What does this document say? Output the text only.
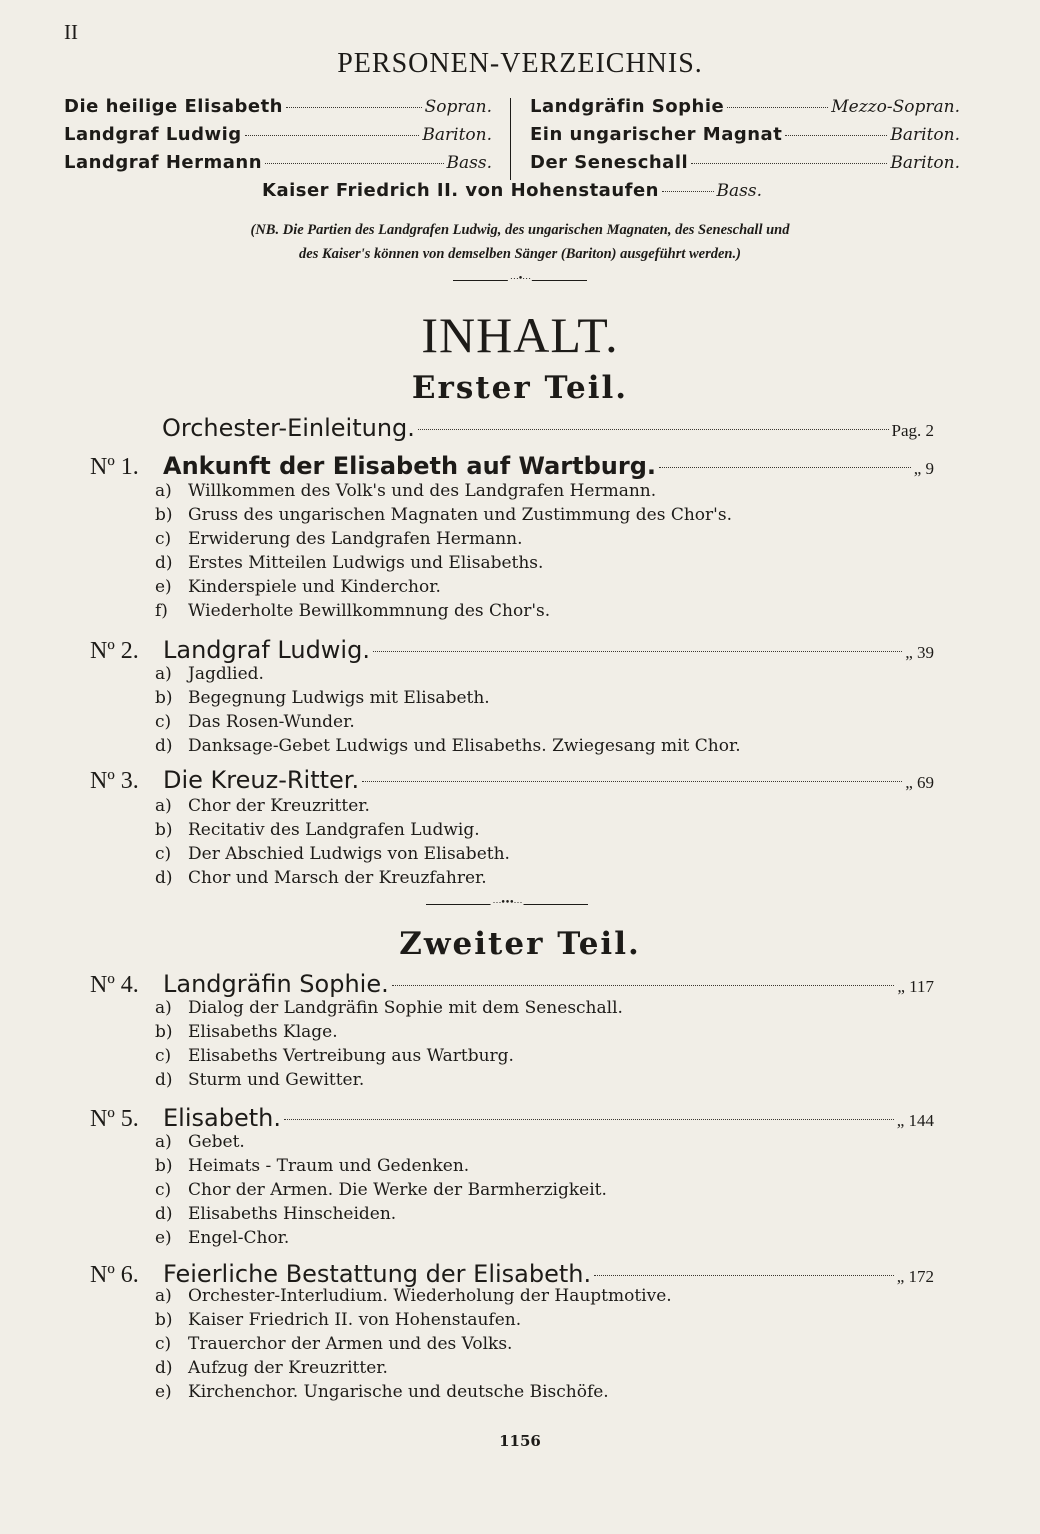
II
PERSONEN-VERZEICHNIS.
Die heilige Elisabeth	Sopran.
Landgraf Ludwig	Bariton.
Landgraf Hermann	Bass.
Landgräfin Sophie	Mezzo-Sopran.
Ein ungarischer Magnat	Bariton.
Der Seneschall	Bariton.
Kaiser Friedrich II. von Hohenstaufen	Bass.
(NB. Die Partien des Landgrafen Ludwig, des ungarischen Magnaten, des Seneschall und
des Kaiser's können von demselben Sänger (Bariton) ausgeführt werden.)
⋯•⋯
INHALT.
Erster Teil.
Orchester-Einleitung.	Pag. 2
Nº 1.	Ankunft der Elisabeth auf Wartburg.	„ 9
a) Willkommen des Volk's und des Landgrafen Hermann.
b) Gruss des ungarischen Magnaten und Zustimmung des Chor's.
c) Erwiderung des Landgrafen Hermann.
d) Erstes Mitteilen Ludwigs und Elisabeths.
e) Kinderspiele und Kinderchor.
f) Wiederholte Bewillkommnung des Chor's.
Nº 2.	Landgraf Ludwig.	„ 39
a) Jagdlied.
b) Begegnung Ludwigs mit Elisabeth.
c) Das Rosen-Wunder.
d) Danksage-Gebet Ludwigs und Elisabeths. Zwiegesang mit Chor.
Nº 3.	Die Kreuz-Ritter.	„ 69
a) Chor der Kreuzritter.
b) Recitativ des Landgrafen Ludwig.
c) Der Abschied Ludwigs von Elisabeth.
d) Chor und Marsch der Kreuzfahrer.
⋯•••⋯
Zweiter Teil.
Nº 4.	Landgräfin Sophie.	„ 117
a) Dialog der Landgräfin Sophie mit dem Seneschall.
b) Elisabeths Klage.
c) Elisabeths Vertreibung aus Wartburg.
d) Sturm und Gewitter.
Nº 5.	Elisabeth.	„ 144
a) Gebet.
b) Heimats - Traum und Gedenken.
c) Chor der Armen. Die Werke der Barmherzigkeit.
d) Elisabeths Hinscheiden.
e) Engel-Chor.
Nº 6.	Feierliche Bestattung der Elisabeth.	„ 172
a) Orchester-Interludium. Wiederholung der Hauptmotive.
b) Kaiser Friedrich II. von Hohenstaufen.
c) Trauerchor der Armen und des Volks.
d) Aufzug der Kreuzritter.
e) Kirchenchor. Ungarische und deutsche Bischöfe.
1156
